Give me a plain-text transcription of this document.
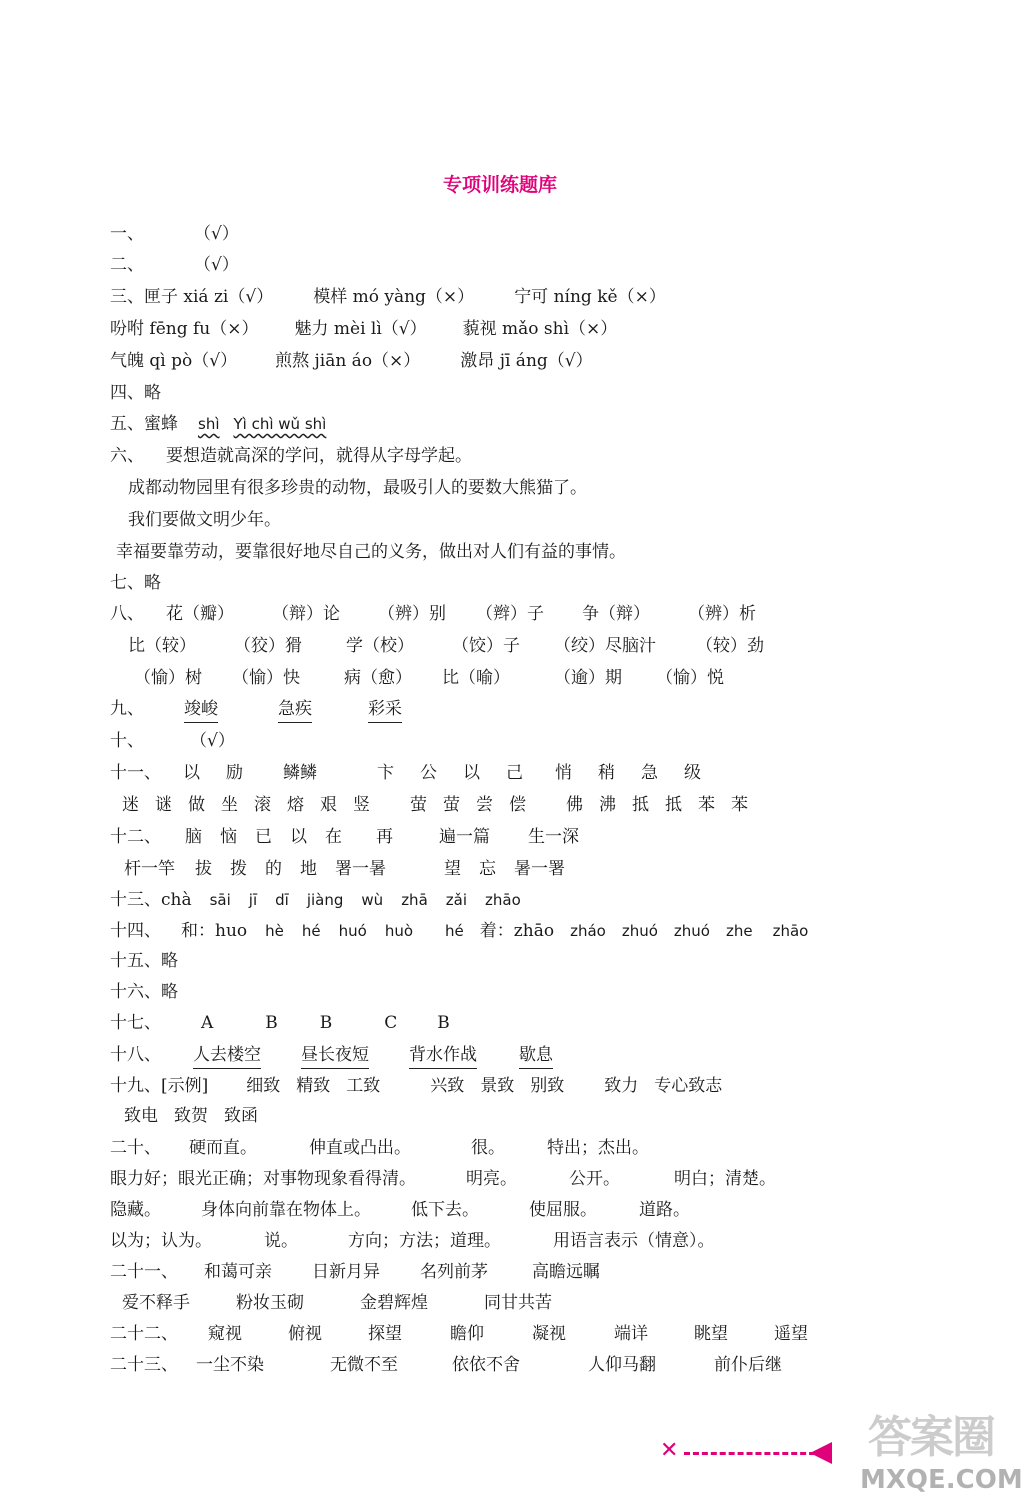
专项训练题库
一、	（√）
二、	（√）
三、匣子 xiá zi（√） 模样 mó yàng（×） 宁可 níng kě（×）
吩咐 fēng fu（×） 魅力 mèi lì（√） 藐视 mǎo shì（×）
气魄 qì pò（√） 煎熬 jiān áo（×） 激昂 jī áng（√）
四、略
五、蜜蜂 shì Yì chì wǔ shì
六、 要想造就高深的学问，就得从字母学起。
成都动物园里有很多珍贵的动物，最吸引人的要数大熊猫了。
我们要做文明少年。
幸福要靠劳动，要靠很好地尽自己的义务，做出对人们有益的事情。
七、略
八、 花（瓣） （辩）论 （辨）别 （辫）子 争（辩） （辨）析
比（较） （狡）猾	学（校） （饺）子 （绞）尽脑汁 （较）劲
（愉）树 （愉）快	病（愈） 比（喻）	（逾）期 （愉）悦
九、 竣峻	急疾	彩采
十、	（√）
十一、 以 励 鳞鳞	卞 公 以 己 悄 稍 急 级
迷 谜 做 坐 滚 熔 艰 竖 萤 萤 尝 偿 佛 沸 抵 抵 苯 苯
十二、 脑 恼 已 以 在 再	遍一篇 生一深
杆一竿 拔 拨 的 地 署一暑	望 忘 暑一署
十三、chà sāi jī dī jiàng wù zhā zǎi zhāo
十四、 和：huo hè hé huó huò hé 着：zhāo zháo zhuó zhuó zhe zhāo
十五、略
十六、略
十七、 A	B B	C B
十八、 人去楼空 昼长夜短 背水作战 歇息
十九、[示例] 细致 精致 工致	兴致 景致 别致 致力 专心致志
致电 致贺 致函
二十、 硬而直。	伸直或凸出。	很。 特出；杰出。
眼力好；眼光正确；对事物现象看得清。	明亮。	公开。	明白；清楚。
隐藏。 身体向前靠在物体上。 低下去。	使屈服。 道路。
以为；认为。	说。	方向；方法；道理。	用语言表示（情意）。
二十一、 和蔼可亲 日新月异 名列前茅	高瞻远瞩
爱不释手	粉妆玉砌	金碧辉煌	同甘共苦
二十二、 窥视	俯视	探望	瞻仰	凝视	端详	眺望	遥望
二十三、 一尘不染	无微不至	依依不舍	人仰马翻	前仆后继
✕	答案圈
MXQE.COM
